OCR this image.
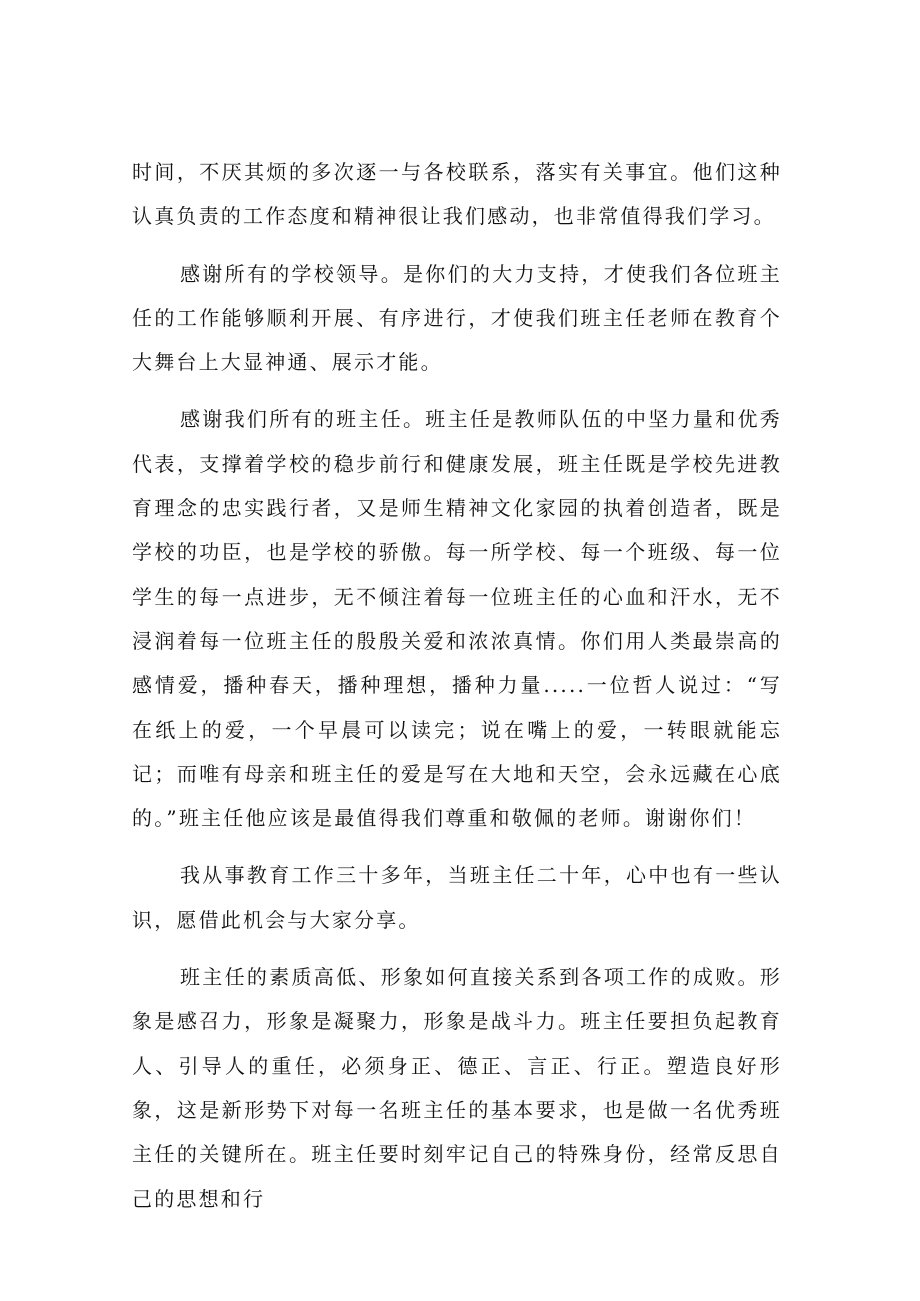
时间，不厌其烦的多次逐一与各校联系，落实有关事宜。他们这种认真负责的工作态度和精神很让我们感动，也非常值得我们学习。

感谢所有的学校领导。是你们的大力支持，才使我们各位班主任的工作能够顺利开展、有序进行，才使我们班主任老师在教育个大舞台上大显神通、展示才能。

感谢我们所有的班主任。班主任是教师队伍的中坚力量和优秀代表，支撑着学校的稳步前行和健康发展，班主任既是学校先进教育理念的忠实践行者，又是师生精神文化家园的执着创造者，既是学校的功臣，也是学校的骄傲。每一所学校、每一个班级、每一位学生的每一点进步，无不倾注着每一位班主任的心血和汗水，无不浸润着每一位班主任的殷殷关爱和浓浓真情。你们用人类最崇高的感情爱，播种春天，播种理想，播种力量.....一位哲人说过：“写在纸上的爱，一个早晨可以读完；说在嘴上的爱，一转眼就能忘记；而唯有母亲和班主任的爱是写在大地和天空，会永远藏在心底的。”班主任他应该是最值得我们尊重和敬佩的老师。谢谢你们！

我从事教育工作三十多年，当班主任二十年，心中也有一些认识，愿借此机会与大家分享。

班主任的素质高低、形象如何直接关系到各项工作的成败。形象是感召力，形象是凝聚力，形象是战斗力。班主任要担负起教育人、引导人的重任，必须身正、德正、言正、行正。塑造良好形象，这是新形势下对每一名班主任的基本要求，也是做一名优秀班主任的关键所在。班主任要时刻牢记自己的特殊身份，经常反思自己的思想和行
